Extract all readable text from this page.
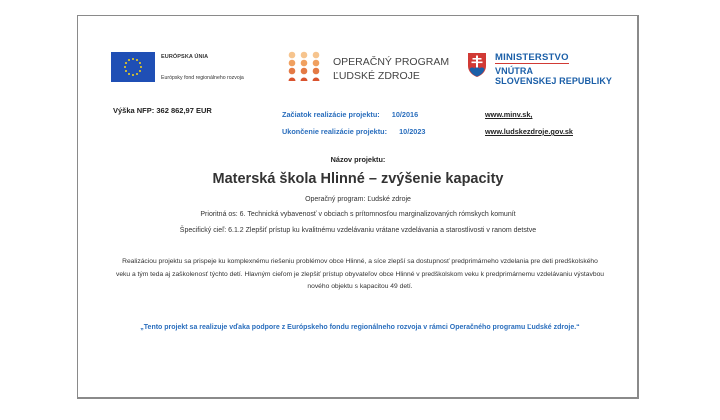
EURÓPSKA ÚNIA
Európsky fond regionálneho rozvoja
OPERAČNÝ PROGRAM
ĽUDSKÉ ZDROJE
MINISTERSTVO
VNÚTRA
SLOVENSKEJ REPUBLIKY
Výška NFP: 362 862,97 EUR	Začiatok realizácie projektu: 10/2016
Ukončenie realizácie projektu: 10/2023
www.minv.sk,
www.ludskezdroje.gov.sk
Názov projektu:
Materská škola Hlinné – zvýšenie kapacity
Operačný program: Ľudské zdroje
Prioritná os: 6. Technická vybavenosť v obciach s prítomnosťou marginalizovaných rómskych komunít
Špecifický cieľ: 6.1.2 Zlepšiť prístup ku kvalitnému vzdelávaniu vrátane vzdelávania a starostlivosti v ranom detstve
Realizáciou projektu sa prispeje ku komplexnému riešeniu problémov obce Hlinné, a síce zlepší sa dostupnosť predprimárneho vzdelania pre deti predškolského veku a tým teda aj zaškolenosť týchto detí. Hlavným cieľom je zlepšiť prístup obyvateľov obce Hlinné v predškolskom veku k predprimárnemu vzdelávaniu výstavbou nového objektu s kapacitou 49 detí.
„Tento projekt sa realizuje vďaka podpore z Európskeho fondu regionálneho rozvoja v rámci Operačného programu Ľudské zdroje.“
